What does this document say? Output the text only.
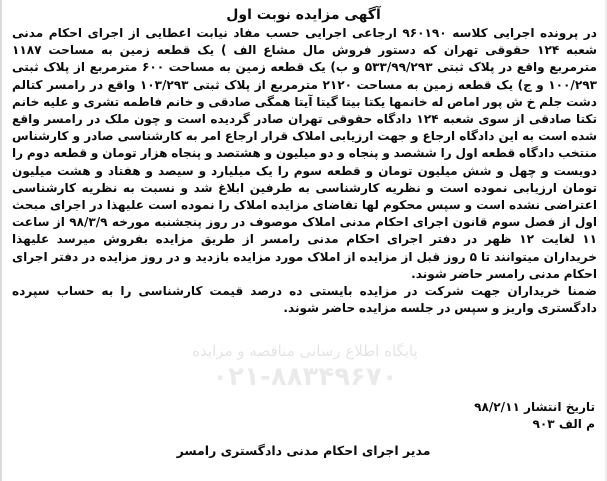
آگهی مزایده نوبت اول

در پرونده اجرایی کلاسه ۹۶۰۱۹۰ ارجاعی اجرایی حسب مفاد نیابت اعطایی از اجرای احکام مدنی شعبه ۱۲۴ حقوقی تهران که دستور فروش مال مشاع الف ) یک قطعه زمین به مساحت ۱۱۸۷ مترمربع واقع در پلاک ثبتی ۵۳۳/۹۹/۲۹۳ و ب) یک قطعه زمین به مساحت ۶۰۰ مترمربع از پلاک ثبتی ۱۰۰/۲۹۳ و ج) یک قطعه زمین به مساحت ۲۱۲۰ مترمربع از پلاک ثبتی ۱۰۳/۲۹۳ واقع در رامسر کتالم دشت جلم خ ش پور اماص له خانمها یکتا بیتا گیتا آیتا همگی صادقی و خانم فاطمه تشری و علیه خانم تکتا صادقی از سوی شعبه ۱۲۴ دادگاه حقوقی تهران صادر گردیده است و چون ملک در رامسر واقع شده است به این دادگاه ارجاع و جهت ارزیابی املاک قرار ارجاع امر به کارشناسی صادر و کارشناس منتخب دادگاه قطعه اول را ششصد و پنجاه و دو میلیون و هشتصد و پنجاه هزار تومان و قطعه دوم را دویست و چهل و شش میلیون تومان و قطعه سوم را یک میلیارد و سیصد و هفتاد و هشت میلیون تومان ارزیابی نموده است و نظریه کارشناسی به طرفین ابلاغ شد و نسبت به نظریه کارشناسی اعتراضی نشده است و سپس محکوم لها تقاضای مزایده املاک را نموده است علیهذا در اجرای مبحث اول از فصل سوم قانون اجرای احکام مدنی املاک موصوف در روز پنجشنبه مورخه ۹۸/۳/۹ از ساعت ۱۱ لغایت ۱۲ ظهر در دفتر اجرای احکام مدنی رامسر از طریق مزایده بفروش میرسد علیهذا خریداران میتوانند تا ۵ روز قبل از مزایده از املاک مورد مزایده بازدید و در روز مزایده در دفتر اجرای احکام مدنی رامسر حاضر شوند.

ضمنا خریداران جهت شرکت در مزایده بایستی ده درصد قیمت کارشناسی را به حساب سپرده دادگستری واریز و سپس در جلسه مزایده حاضر شوند.

تاریخ انتشار ۹۸/۲/۱۱
م الف ۹۰۳
مدیر اجرای احکام مدنی دادگستری رامسر
پایگاه اطلاع رسانی مناقصه و مزایده
۰۲۱-۸۸۳۴۹۶۷۰
